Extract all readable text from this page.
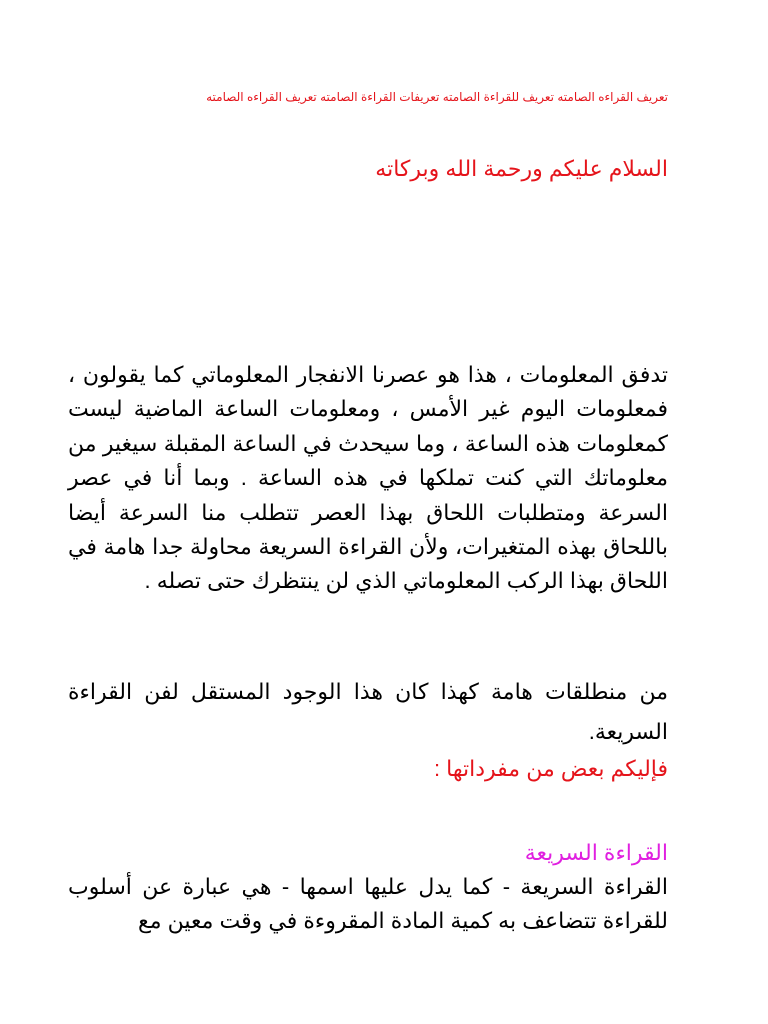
تعريف القراءه الصامته تعريف للقراءة الصامته تعريفات القراءة الصامته تعريف القراءه الصامته
السلام عليكم ورحمة الله وبركاته
تدفق المعلومات ، هذا هو عصرنا الانفجار المعلوماتي كما يقولون ، فمعلومات اليوم غير الأمس ، ومعلومات الساعة الماضية ليست كمعلومات هذه الساعة ، وما سيحدث في الساعة المقبلة سيغير من معلوماتك التي كنت تملكها في هذه الساعة . وبما أنا في عصر السرعة ومتطلبات اللحاق بهذا العصر تتطلب منا السرعة أيضا باللحاق بهذه المتغيرات، ولأن القراءة السريعة محاولة جدا هامة في اللحاق بهذا الركب المعلوماتي الذي لن ينتظرك حتى تصله .
من منطلقات هامة كهذا كان هذا الوجود المستقل لفن القراءة السريعة.
فإليكم بعض من مفرداتها :
القراءة السريعة
القراءة السريعة - كما يدل عليها اسمها - هي عبارة عن أسلوب للقراءة تتضاعف به كمية المادة المقروءة في وقت معين مع
